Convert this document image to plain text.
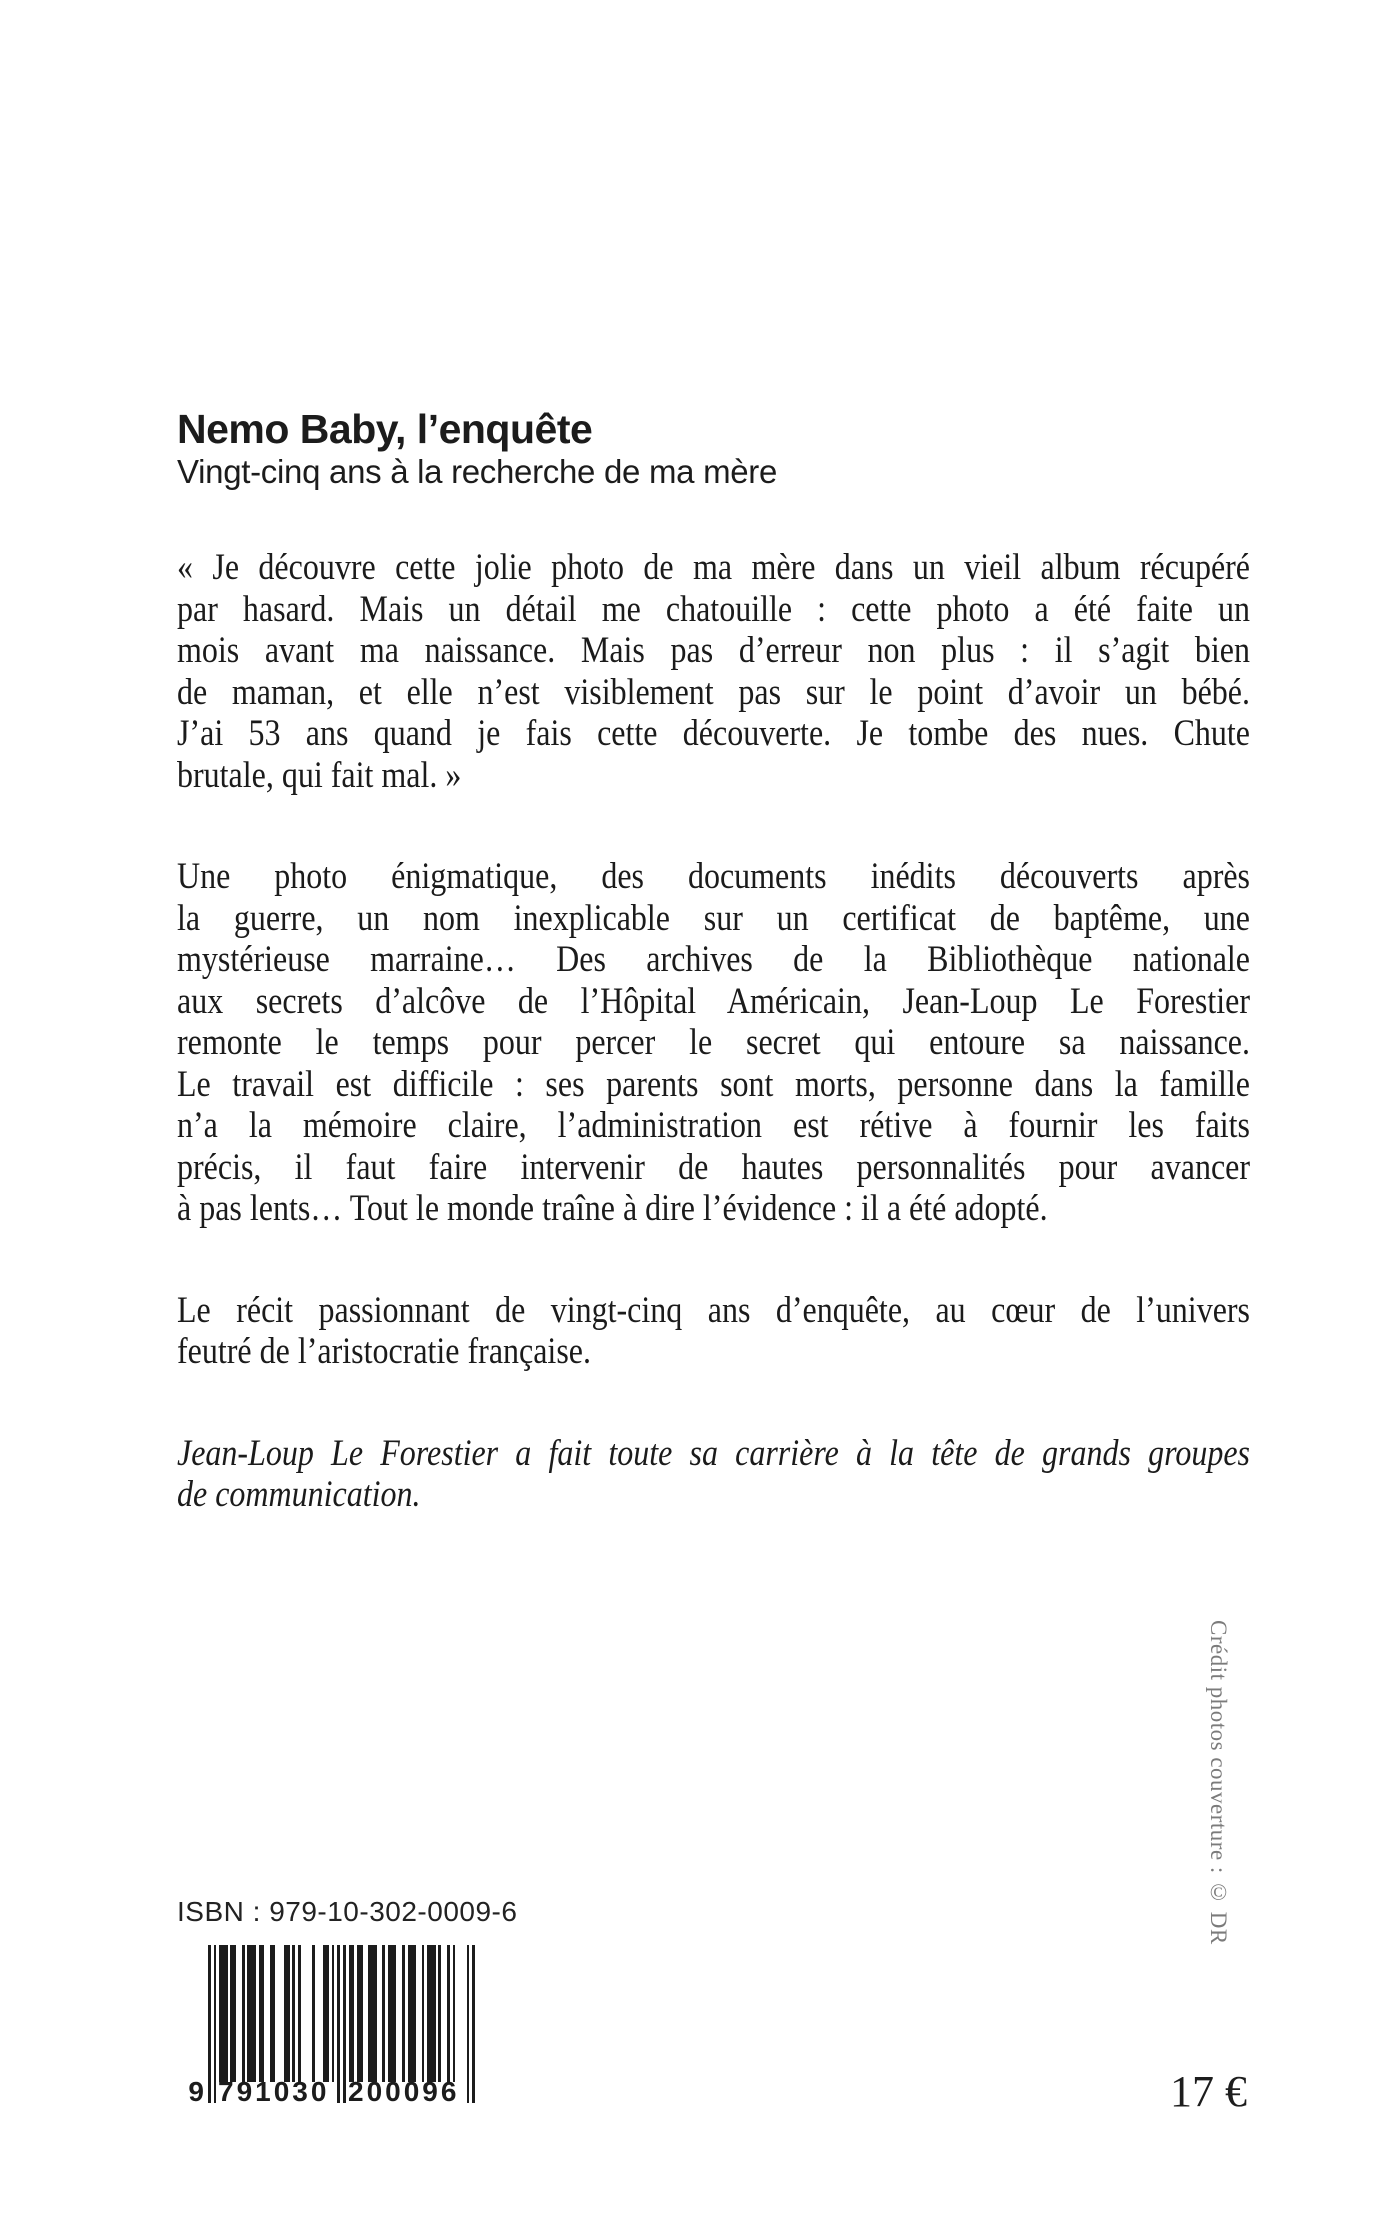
Nemo Baby, l’enquête
Vingt-cinq ans à la recherche de ma mère

« Je découvre cette jolie photo de ma mère dans un vieil album récupéré
par hasard. Mais un détail me chatouille : cette photo a été faite un
mois avant ma naissance. Mais pas d’erreur non plus : il s’agit bien
de maman, et elle n’est visiblement pas sur le point d’avoir un bébé.
J’ai 53 ans quand je fais cette découverte. Je tombe des nues. Chute
brutale, qui fait mal. »

Une photo énigmatique, des documents inédits découverts après
la guerre, un nom inexplicable sur un certificat de baptême, une
mystérieuse marraine… Des archives de la Bibliothèque nationale
aux secrets d’alcôve de l’Hôpital Américain, Jean-Loup Le Forestier
remonte le temps pour percer le secret qui entoure sa naissance.
Le travail est difficile : ses parents sont morts, personne dans la famille
n’a la mémoire claire, l’administration est rétive à fournir les faits
précis, il faut faire intervenir de hautes personnalités pour avancer
à pas lents… Tout le monde traîne à dire l’évidence : il a été adopté.

Le récit passionnant de vingt-cinq ans d’enquête, au cœur de l’univers
feutré de l’aristocratie française.

Jean-Loup Le Forestier a fait toute sa carrière à la tête de grands groupes
de communication.

Crédit photos couverture : © DR
ISBN : 979-10-302-0009-6
9 791030 200096	17 €
